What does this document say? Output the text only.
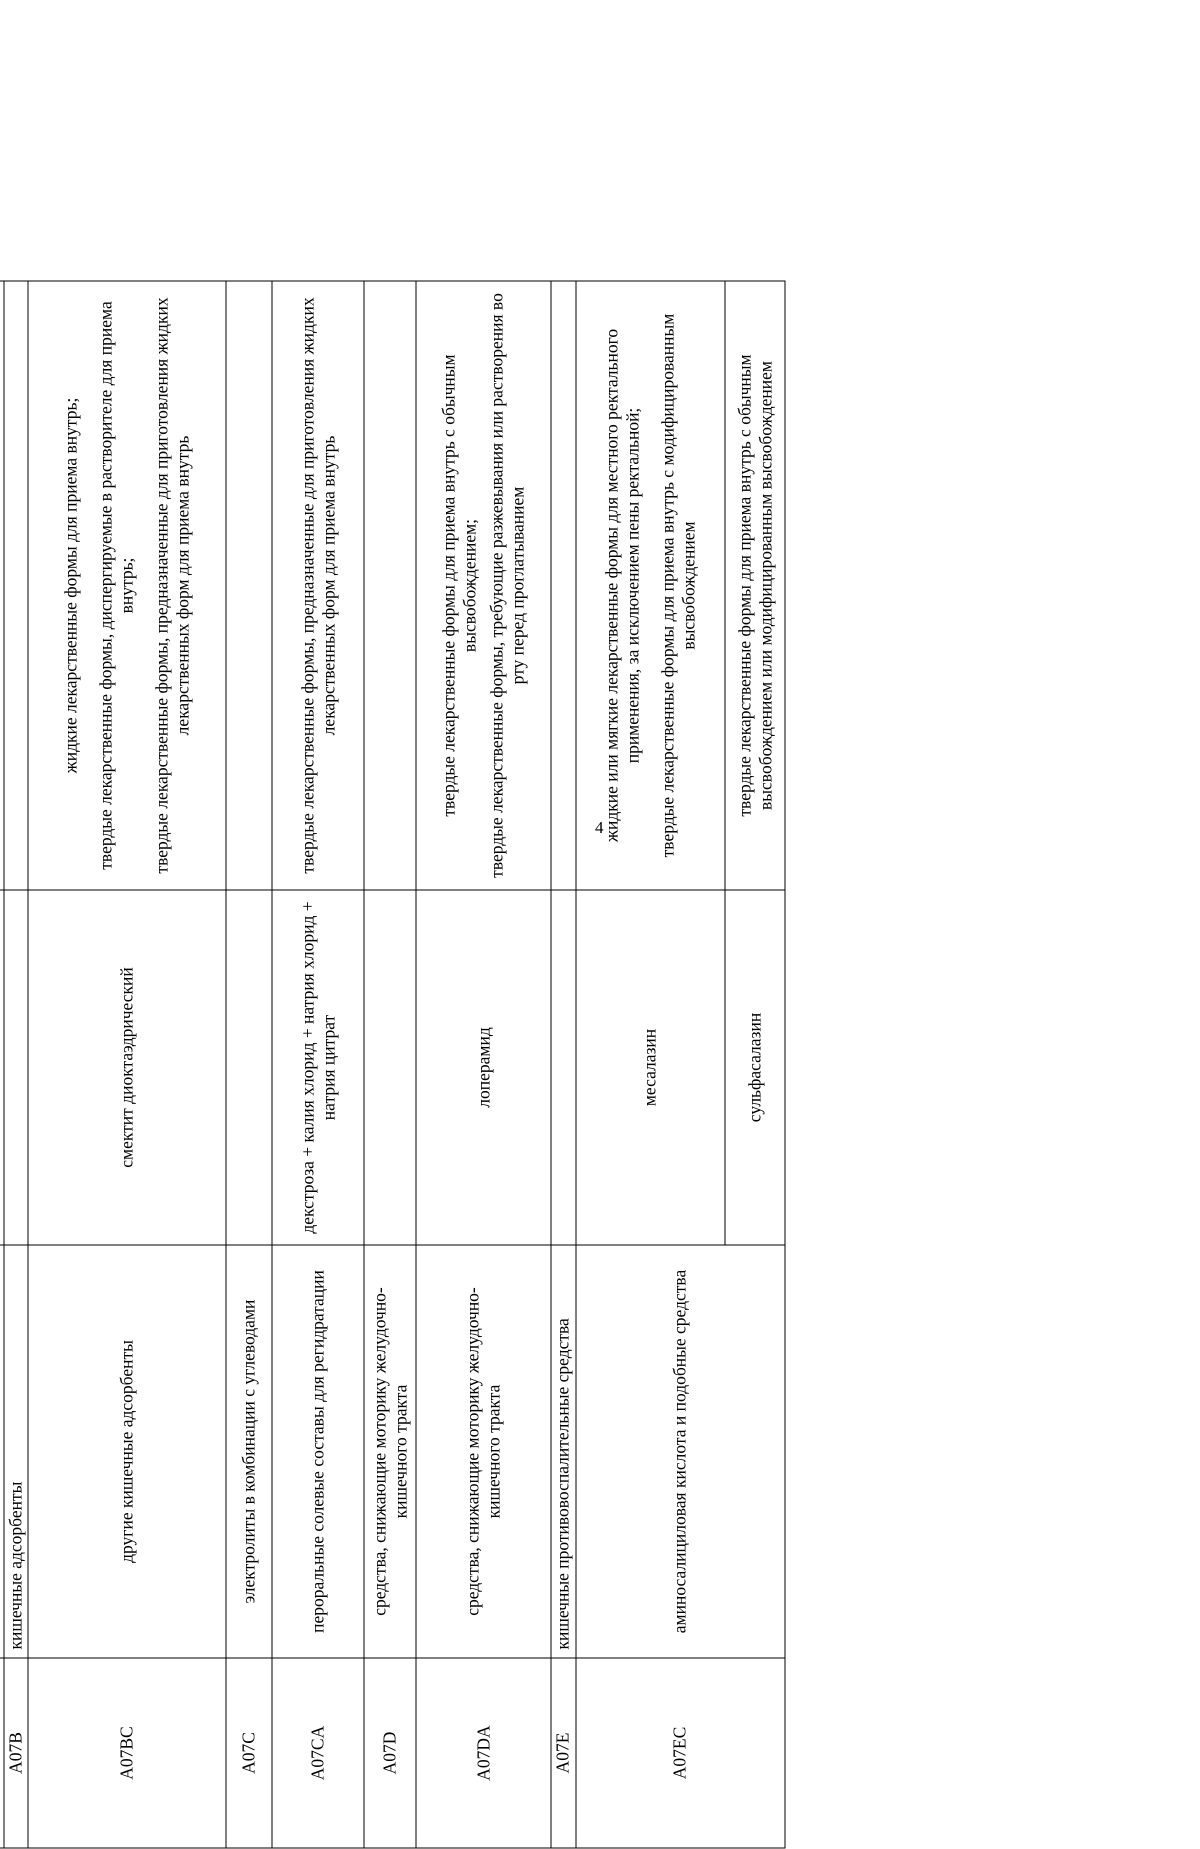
4

A07B	кишечные адсорбенты		
A07BC	другие кишечные адсорбенты	смектит диоктаэдрический	жидкие лекарственные формы для приема внутрь; твердые лекарственные формы, диспергируемые в растворителе для приема внутрь; твердые лекарственные формы, предназначенные для приготовления жидких лекарственных форм для приема внутрь

A07C	электролиты в комбинации с углеводами		
A07CA	пероральные солевые составы для регидратации	декстроза + калия хлорид + натрия хлорид + натрия цитрат	твердые лекарственные формы, предназначенные для приготовления жидких лекарственных форм для приема внутрь

A07D	средства, снижающие моторику желудочно-кишечного тракта		
A07DA	средства, снижающие моторику желудочно-кишечного тракта	лоперамид	твердые лекарственные формы для приема внутрь с обычным высвобождением; твердые лекарственные формы, требующие разжевывания или растворения во рту перед проглатыванием

A07E	кишечные противовоспалительные средства		
A07EC	аминосалициловая кислота и подобные средства	месалазин	жидкие или мягкие лекарственные формы для местного ректального применения, за исключением пены ректальной; твердые лекарственные формы для приема внутрь с модифицированным высвобождением

		сульфасалазин	твердые лекарственные формы для приема внутрь с обычным высвобождением или модифицированным высвобождением
